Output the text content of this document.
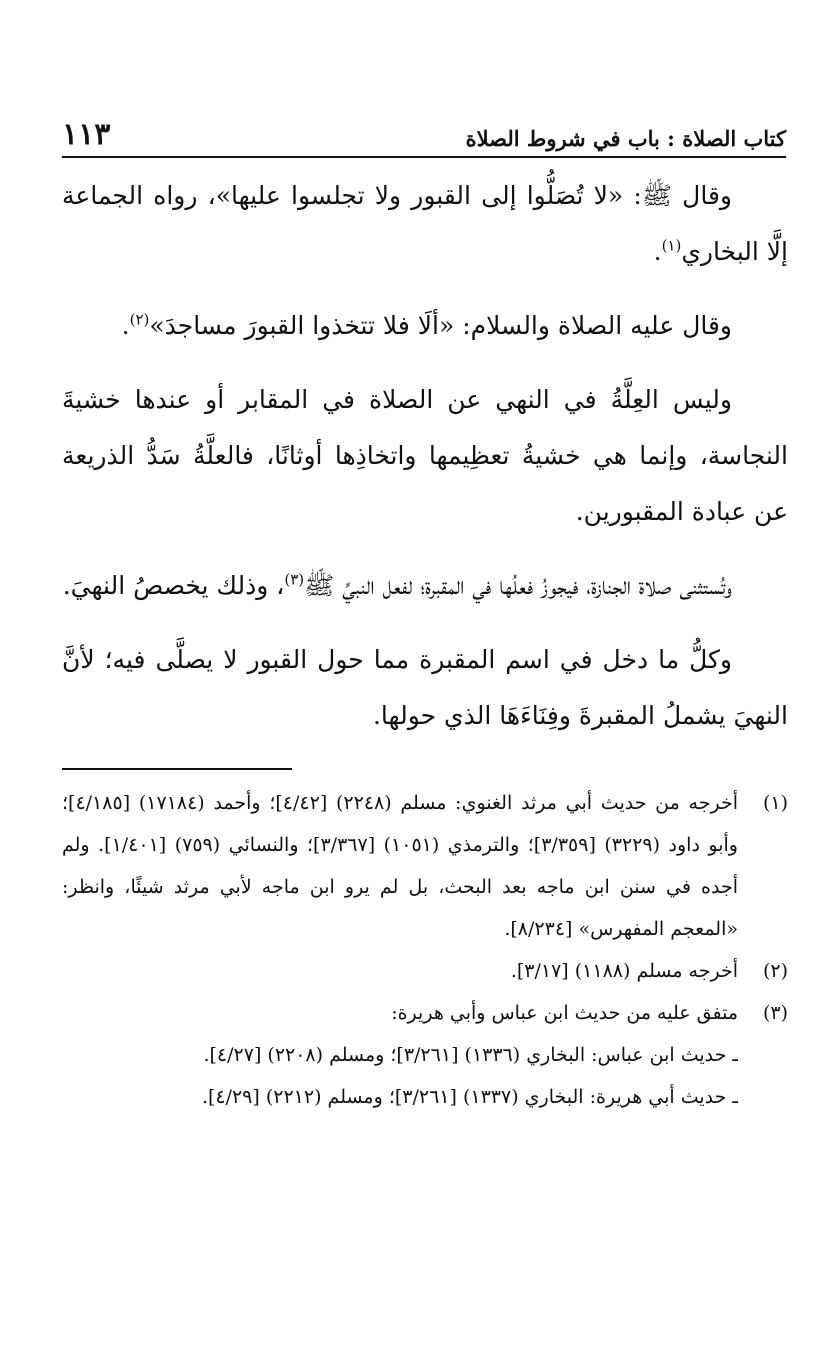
كتاب الصلاة : باب في شروط الصلاة
١١٣

وقال ﷺ: «لا تُصَلُّوا إلى القبور ولا تجلسوا عليها»، رواه الجماعة إلَّا البخاري$^{(١)}$.

وقال عليه الصلاة والسلام: «ألَا فلا تتخذوا القبورَ مساجدَ»$^{(٢)}$.

وليس العِلَّةُ في النهي عن الصلاة في المقابر أو عندها خشيةَ النجاسة، وإنما هي خشيةُ تعظِيمها واتخاذِها أوثانًا، فالعلَّةُ سَدُّ الذريعة عن عبادة المقبورين.

وتُستثنى صلاة الجنازة، فيجوزُ فعلُها في المقبرة؛ لفعل النبيِّ ﷺ$^{(٣)}$، وذلك يخصصُ النهيَ.

وكلُّ ما دخل في اسم المقبرة مما حول القبور لا يصلَّى فيه؛ لأنَّ النهيَ يشملُ المقبرةَ وفِنَاءَهَا الذي حولها.

(١)
أخرجه من حديث أبي مرثد الغنوي: مسلم (٢٢٤٨) [٤/٤٢]؛ وأحمد (١٧١٨٤) [٤/١٨٥]؛ وأبو داود (٣٢٢٩) [٣/٣٥٩]؛ والترمذي (١٠٥١) [٣/٣٦٧]؛ والنسائي (٧٥٩) [١/٤٠١]. ولم أجده في سنن ابن ماجه بعد البحث، بل لم يرو ابن ماجه لأبي مرثد شيئًا، وانظر: «المعجم المفهرس» [٨/٢٣٤].
(٢)
أخرجه مسلم (١١٨٨) [٣/١٧].
(٣)
متفق عليه من حديث ابن عباس وأبي هريرة:
ـ حديث ابن عباس: البخاري (١٣٣٦) [٣/٢٦١]؛ ومسلم (٢٢٠٨) [٤/٢٧].
ـ حديث أبي هريرة: البخاري (١٣٣٧) [٣/٢٦١]؛ ومسلم (٢٢١٢) [٤/٢٩].
